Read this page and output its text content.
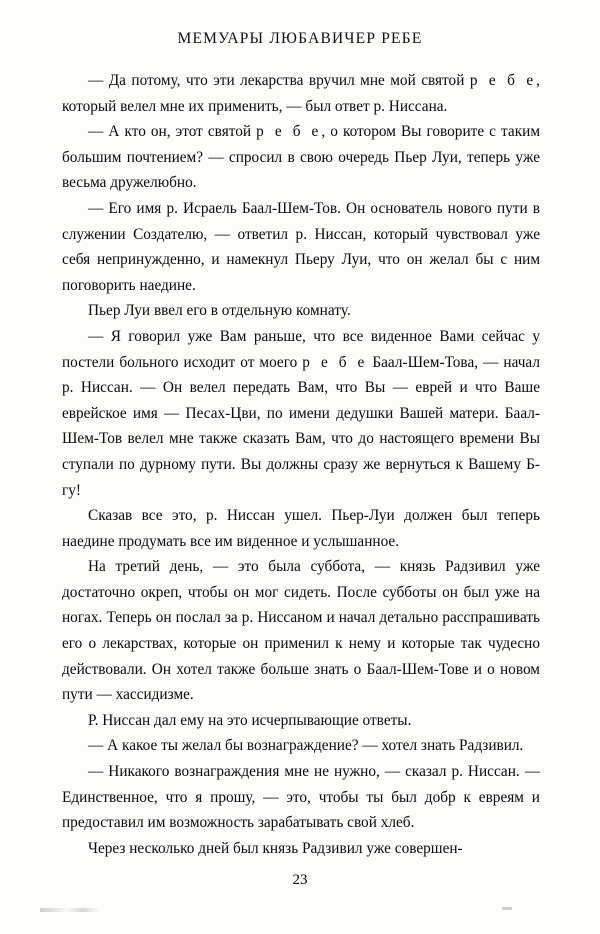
МЕМУАРЫ ЛЮБАВИЧЕР РЕБЕ

— Да потому, что эти лекарства вручил мне мой святой р е б е, который велел мне их применить, — был ответ р. Ниссана.

— А кто он, этот святой р е б е, о котором Вы говорите с таким большим почтением? — спросил в свою очередь Пьер Луи, теперь уже весьма дружелюбно.

— Его имя р. Исраель Баал-Шем-Тов. Он основатель нового пути в служении Создателю, — ответил р. Ниссан, который чувствовал уже себя непринужденно, и намекнул Пьеру Луи, что он желал бы с ним поговорить наедине.

Пьер Луи ввел его в отдельную комнату.

— Я говорил уже Вам раньше, что все виденное Вами сейчас у постели больного исходит от моего р е б е Баал-Шем-Това, — начал р. Ниссан. — Он велел передать Вам, что Вы — еврей и что Ваше еврейское имя — Песах-Цви, по имени дедушки Вашей матери. Баал-Шем-Тов велел мне также сказать Вам, что до настоящего времени Вы ступали по дурному пути. Вы должны сразу же вернуться к Вашему Б-гу!

Сказав все это, р. Ниссан ушел. Пьер-Луи должен был теперь наедине продумать все им виденное и услышанное.

На третий день, — это была суббота, — князь Радзивил уже достаточно окреп, чтобы он мог сидеть. После субботы он был уже на ногах. Теперь он послал за р. Ниссаном и начал детально расспрашивать его о лекарствах, которые он применил к нему и которые так чудесно действовали. Он хотел также больше знать о Баал-Шем-Тове и о новом пути — хассидизме.

Р. Ниссан дал ему на это исчерпывающие ответы.

— А какое ты желал бы вознаграждение? — хотел знать Радзивил.

— Никакого вознаграждения мне не нужно, — сказал р. Ниссан. — Единственное, что я прошу, — это, чтобы ты был добр к евреям и предоставил им возможность зарабатывать свой хлеб.

Через несколько дней был князь Радзивил уже совершен-

23
